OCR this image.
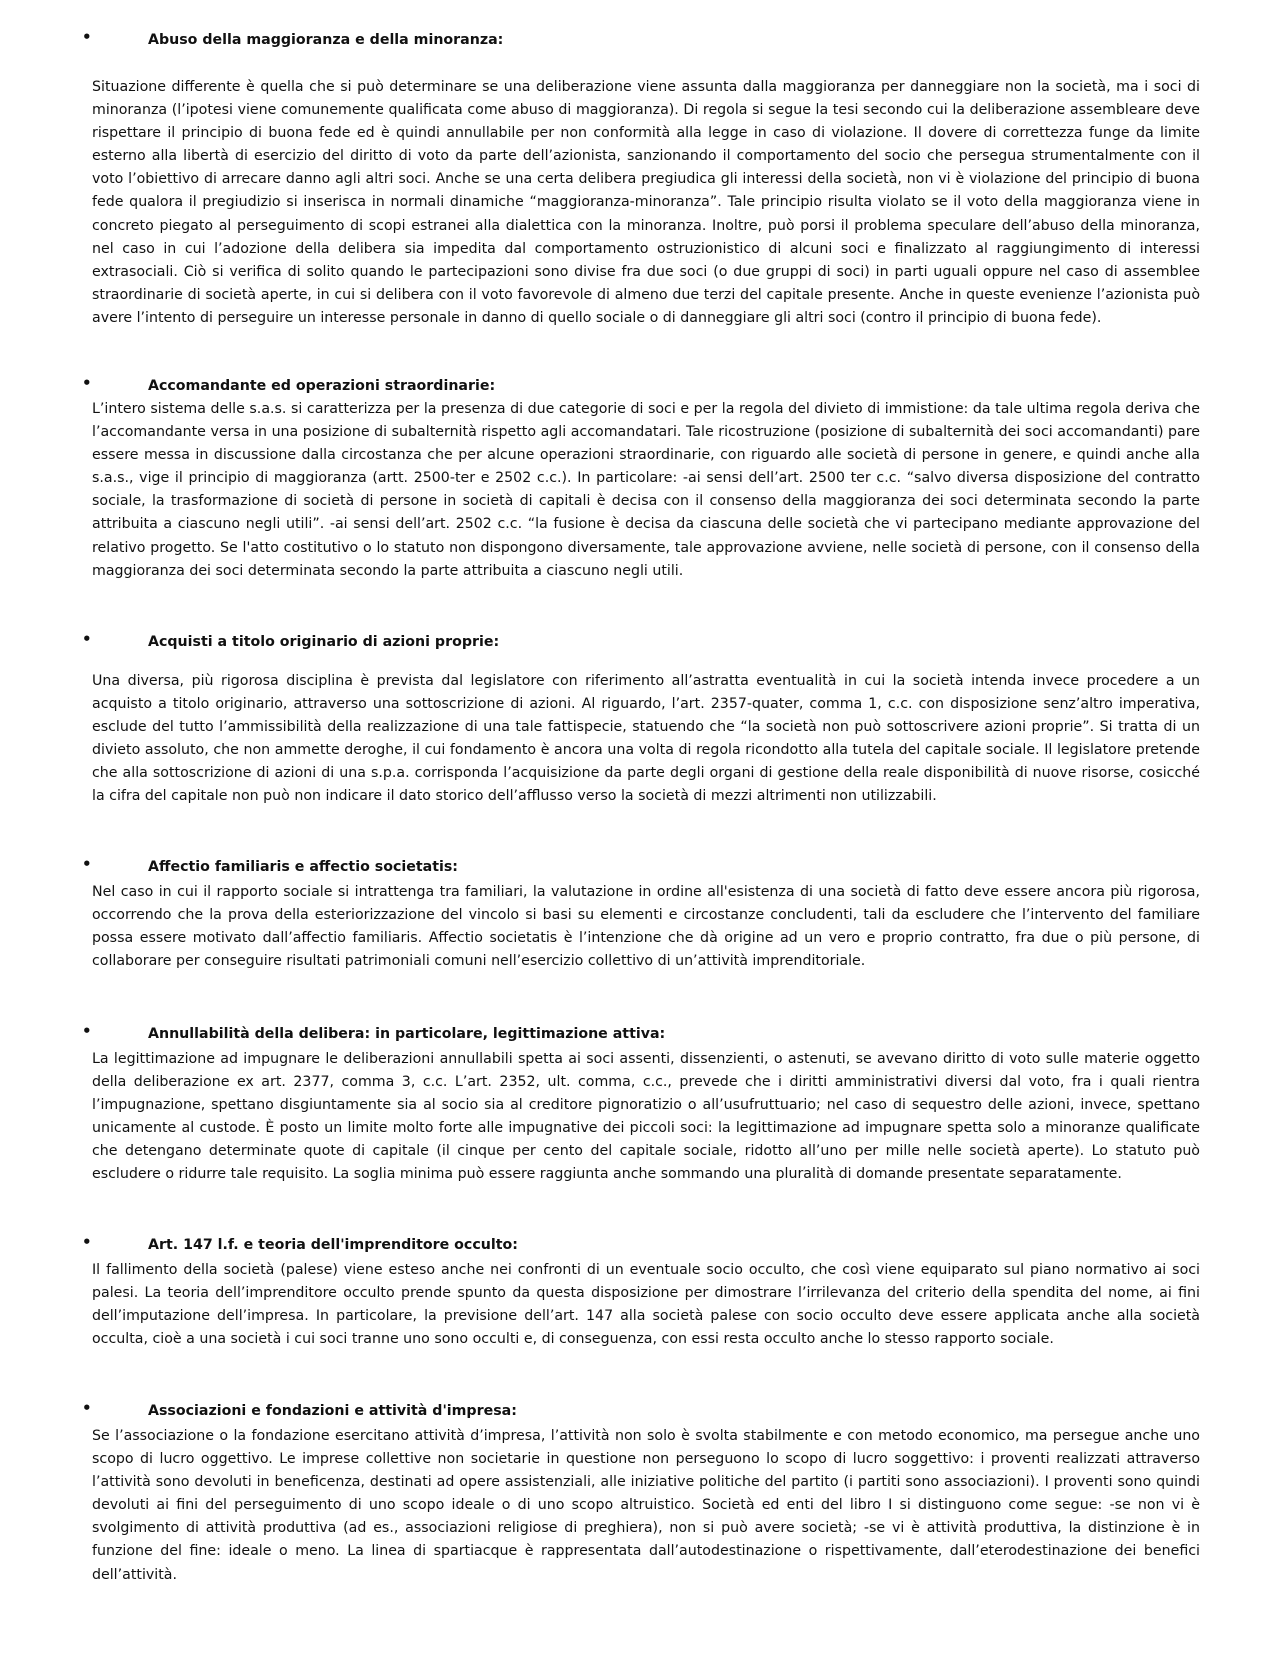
•	Abuso della maggioranza e della minoranza:

Situazione differente è quella che si può determinare se una deliberazione viene assunta dalla maggioranza per danneggiare non la società, ma i soci di minoranza (l’ipotesi viene comunemente qualificata come abuso di maggioranza). Di regola si segue la tesi secondo cui la deliberazione assembleare deve rispettare il principio di buona fede ed è quindi annullabile per non conformità alla legge in caso di violazione. Il dovere di correttezza funge da limite esterno alla libertà di esercizio del diritto di voto da parte dell’azionista, sanzionando il comportamento del socio che persegua strumentalmente con il voto l’obiettivo di arrecare danno agli altri soci. Anche se una certa delibera pregiudica gli interessi della società, non vi è violazione del principio di buona fede qualora il pregiudizio si inserisca in normali dinamiche “maggioranza-minoranza”. Tale principio risulta violato se il voto della maggioranza viene in concreto piegato al perseguimento di scopi estranei alla dialettica con la minoranza. Inoltre, può porsi il problema speculare dell’abuso della minoranza, nel caso in cui l’adozione della delibera sia impedita dal comportamento ostruzionistico di alcuni soci e finalizzato al raggiungimento di interessi extrasociali. Ciò si verifica di solito quando le partecipazioni sono divise fra due soci (o due gruppi di soci) in parti uguali oppure nel caso di assemblee straordinarie di società aperte, in cui si delibera con il voto favorevole di almeno due terzi del capitale presente. Anche in queste evenienze l’azionista può avere l’intento di perseguire un interesse personale in danno di quello sociale o di danneggiare gli altri soci (contro il principio di buona fede).

•	Accomandante ed operazioni straordinarie:

L’intero sistema delle s.a.s. si caratterizza per la presenza di due categorie di soci e per la regola del divieto di immistione: da tale ultima regola deriva che l’accomandante versa in una posizione di subalternità rispetto agli accomandatari. Tale ricostruzione (posizione di subalternità dei soci accomandanti) pare essere messa in discussione dalla circostanza che per alcune operazioni straordinarie, con riguardo alle società di persone in genere, e quindi anche alla s.a.s., vige il principio di maggioranza (artt. 2500-ter e 2502 c.c.). In particolare: -ai sensi dell’art. 2500 ter c.c. “salvo diversa disposizione del contratto sociale, la trasformazione di società di persone in società di capitali è decisa con il consenso della maggioranza dei soci determinata secondo la parte attribuita a ciascuno negli utili”. -ai sensi dell’art. 2502 c.c. “la fusione è decisa da ciascuna delle società che vi partecipano mediante approvazione del relativo progetto. Se l'atto costitutivo o lo statuto non dispongono diversamente, tale approvazione avviene, nelle società di persone, con il consenso della maggioranza dei soci determinata secondo la parte attribuita a ciascuno negli utili.

•	Acquisti a titolo originario di azioni proprie:

Una diversa, più rigorosa disciplina è prevista dal legislatore con riferimento all’astratta eventualità in cui la società intenda invece procedere a un acquisto a titolo originario, attraverso una sottoscrizione di azioni. Al riguardo, l’art. 2357-quater, comma 1, c.c. con disposizione senz’altro imperativa, esclude del tutto l’ammissibilità della realizzazione di una tale fattispecie, statuendo che “la società non può sottoscrivere azioni proprie”. Si tratta di un divieto assoluto, che non ammette deroghe, il cui fondamento è ancora una volta di regola ricondotto alla tutela del capitale sociale. Il legislatore pretende che alla sottoscrizione di azioni di una s.p.a. corrisponda l’acquisizione da parte degli organi di gestione della reale disponibilità di nuove risorse, cosicché la cifra del capitale non può non indicare il dato storico dell’afflusso verso la società di mezzi altrimenti non utilizzabili.

•	Affectio familiaris e affectio societatis:

Nel caso in cui il rapporto sociale si intrattenga tra familiari, la valutazione in ordine all'esistenza di una società di fatto deve essere ancora più rigorosa, occorrendo che la prova della esteriorizzazione del vincolo si basi su elementi e circostanze concludenti, tali da escludere che l’intervento del familiare possa essere motivato dall’affectio familiaris. Affectio societatis è l’intenzione che dà origine ad un vero e proprio contratto, fra due o più persone, di collaborare per conseguire risultati patrimoniali comuni nell’esercizio collettivo di un’attività imprenditoriale.

•	Annullabilità della delibera: in particolare, legittimazione attiva:

La legittimazione ad impugnare le deliberazioni annullabili spetta ai soci assenti, dissenzienti, o astenuti, se avevano diritto di voto sulle materie oggetto della deliberazione ex art. 2377, comma 3, c.c. L’art. 2352, ult. comma, c.c., prevede che i diritti amministrativi diversi dal voto, fra i quali rientra l’impugnazione, spettano disgiuntamente sia al socio sia al creditore pignoratizio o all’usufruttuario; nel caso di sequestro delle azioni, invece, spettano unicamente al custode. È posto un limite molto forte alle impugnative dei piccoli soci: la legittimazione ad impugnare spetta solo a minoranze qualificate che detengano determinate quote di capitale (il cinque per cento del capitale sociale, ridotto all’uno per mille nelle società aperte). Lo statuto può escludere o ridurre tale requisito. La soglia minima può essere raggiunta anche sommando una pluralità di domande presentate separatamente.

•	Art. 147 l.f. e teoria dell'imprenditore occulto:

Il fallimento della società (palese) viene esteso anche nei confronti di un eventuale socio occulto, che così viene equiparato sul piano normativo ai soci palesi. La teoria dell’imprenditore occulto prende spunto da questa disposizione per dimostrare l’irrilevanza del criterio della spendita del nome, ai fini dell’imputazione dell’impresa. In particolare, la previsione dell’art. 147 alla società palese con socio occulto deve essere applicata anche alla società occulta, cioè a una società i cui soci tranne uno sono occulti e, di conseguenza, con essi resta occulto anche lo stesso rapporto sociale.

•	Associazioni e fondazioni e attività d'impresa:

Se l’associazione o la fondazione esercitano attività d’impresa, l’attività non solo è svolta stabilmente e con metodo economico, ma persegue anche uno scopo di lucro oggettivo. Le imprese collettive non societarie in questione non perseguono lo scopo di lucro soggettivo: i proventi realizzati attraverso l’attività sono devoluti in beneficenza, destinati ad opere assistenziali, alle iniziative politiche del partito (i partiti sono associazioni). I proventi sono quindi devoluti ai fini del perseguimento di uno scopo ideale o di uno scopo altruistico. Società ed enti del libro I si distinguono come segue: -se non vi è svolgimento di attività produttiva (ad es., associazioni religiose di preghiera), non si può avere società; -se vi è attività produttiva, la distinzione è in funzione del fine: ideale o meno. La linea di spartiacque è rappresentata dall’autodestinazione o rispettivamente, dall’eterodestinazione dei benefici dell’attività.
